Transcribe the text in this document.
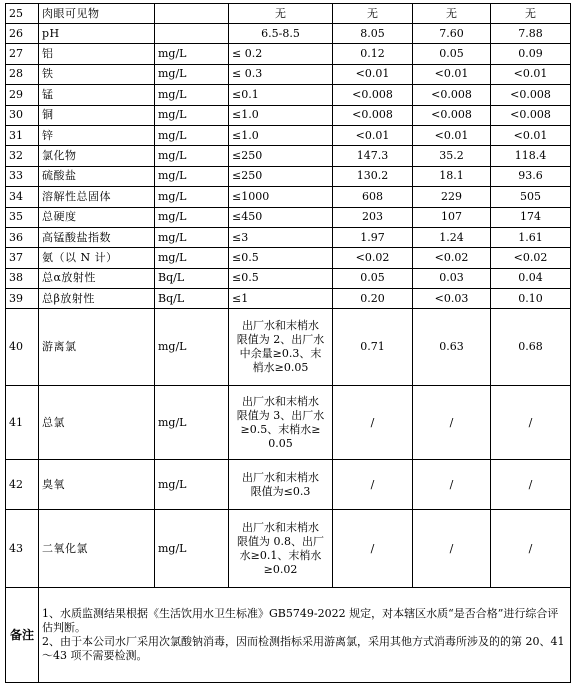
25	肉眼可见物		无	无	无	无
26	pH		6.5-8.5	8.05	7.60	7.88
27	铝	mg/L	≤ 0.2	0.12	0.05	0.09
28	铁	mg/L	≤ 0.3	<0.01	<0.01	<0.01
29	锰	mg/L	≤0.1	<0.008	<0.008	<0.008
30	铜	mg/L	≤1.0	<0.008	<0.008	<0.008
31	锌	mg/L	≤1.0	<0.01	<0.01	<0.01
32	氯化物	mg/L	≤250	147.3	35.2	118.4
33	硫酸盐	mg/L	≤250	130.2	18.1	93.6
34	溶解性总固体	mg/L	≤1000	608	229	505
35	总硬度	mg/L	≤450	203	107	174
36	高锰酸盐指数	mg/L	≤3	1.97	1.24	1.61
37	氨（以 N 计）	mg/L	≤0.5	<0.02	<0.02	<0.02
38	总α放射性	Bq/L	≤0.5	0.05	0.03	0.04
39	总β放射性	Bq/L	≤1	0.20	<0.03	0.10
40	游离氯	mg/L	出厂水和末梢水
限值为 2、出厂水
中余量≥0.3、末
梢水≥0.05	0.71	0.63	0.68
41	总氯	mg/L	出厂水和末梢水
限值为 3、出厂水
≥0.5、末梢水≥
0.05	/	/	/
42	臭氧	mg/L	出厂水和末梢水
限值为≤0.3	/	/	/
43	二氧化氯	mg/L	出厂水和末梢水
限值为 0.8、出厂
水≥0.1、末梢水
≥0.02	/	/	/
备注	1、水质监测结果根据《生活饮用水卫生标准》GB5749-2022 规定，对本辖区水质“是否合格”进行综合评估判断。

2、由于本公司水厂采用次氯酸钠消毒，因而检测指标采用游离氯，采用其他方式消毒所涉及的的第 20、41～43 项不需要检测。					
